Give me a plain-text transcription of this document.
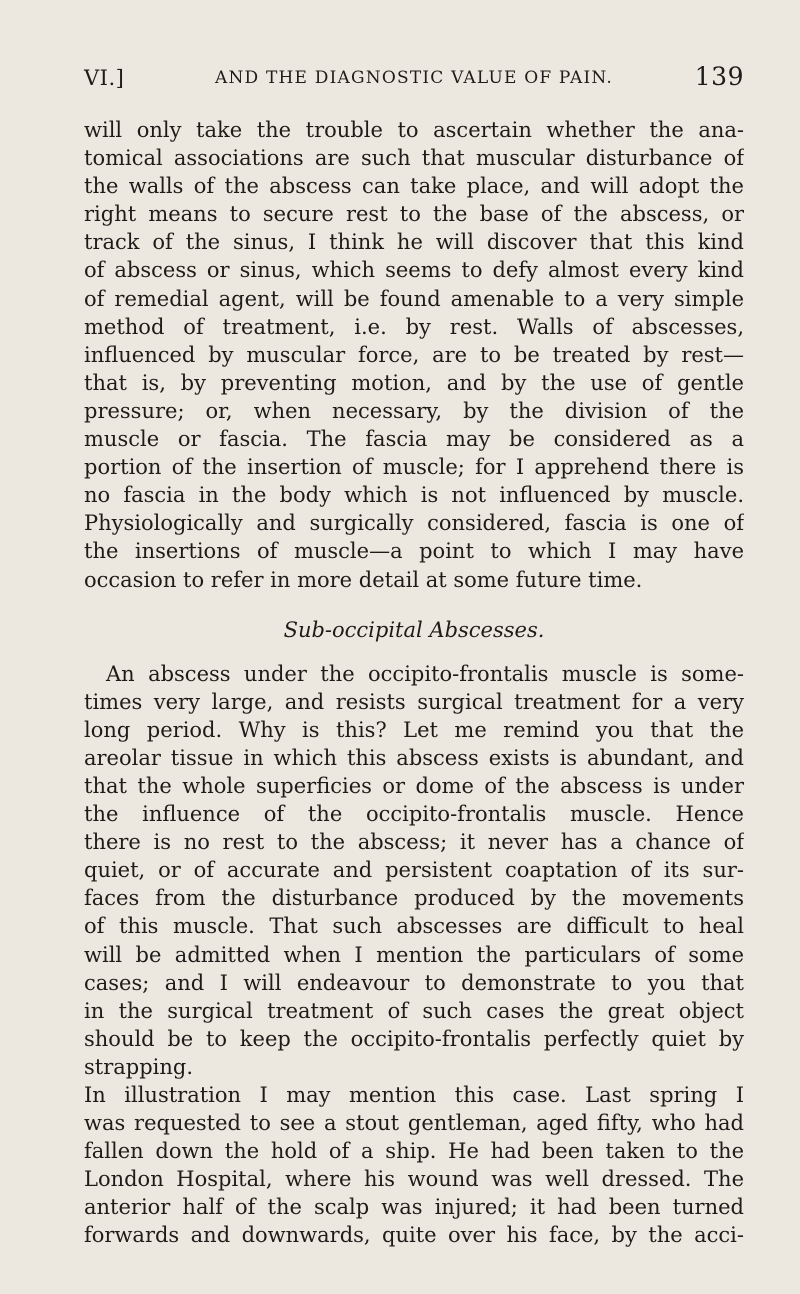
VI.]	AND THE DIAGNOSTIC VALUE OF PAIN.	139
will only take the trouble to ascertain whether the ana-
tomical associations are such that muscular disturbance of
the walls of the abscess can take place, and will adopt the
right means to secure rest to the base of the abscess, or
track of the sinus, I think he will discover that this kind
of abscess or sinus, which seems to defy almost every kind
of remedial agent, will be found amenable to a very simple
method of treatment, i.e. by rest. Walls of abscesses,
influenced by muscular force, are to be treated by rest—
that is, by preventing motion, and by the use of gentle
pressure; or, when necessary, by the division of the
muscle or fascia. The fascia may be considered as a
portion of the insertion of muscle; for I apprehend there is
no fascia in the body which is not influenced by muscle.
Physiologically and surgically considered, fascia is one of
the insertions of muscle—a point to which I may have
occasion to refer in more detail at some future time.
Sub-occipital Abscesses.
An abscess under the occipito-frontalis muscle is some-
times very large, and resists surgical treatment for a very
long period. Why is this? Let me remind you that the
areolar tissue in which this abscess exists is abundant, and
that the whole superficies or dome of the abscess is under
the influence of the occipito-frontalis muscle. Hence
there is no rest to the abscess; it never has a chance of
quiet, or of accurate and persistent coaptation of its sur-
faces from the disturbance produced by the movements
of this muscle. That such abscesses are difficult to heal
will be admitted when I mention the particulars of some
cases; and I will endeavour to demonstrate to you that
in the surgical treatment of such cases the great object
should be to keep the occipito-frontalis perfectly quiet by
strapping.
In illustration I may mention this case. Last spring I
was requested to see a stout gentleman, aged fifty, who had
fallen down the hold of a ship. He had been taken to the
London Hospital, where his wound was well dressed. The
anterior half of the scalp was injured; it had been turned
forwards and downwards, quite over his face, by the acci-
